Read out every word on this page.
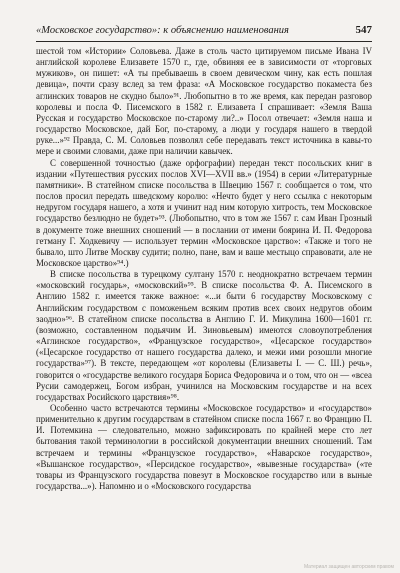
«Московское государство»: к объяснению наименования	547

шестой том «Истории» Соловьева. Даже в столь часто цитируемом письме Ивана IV английской королеве Елизавете 1570 г., где, обвиняя ее в зависимости от «торговых мужиков», он пишет: «А ты пребываешь в своем девическом чину, как есть пошлая девица», почти сразу вслед за тем фраза: «А Московское государство покаместа без аглинских товаров не скудно было»⁹¹. Любопытно в то же время, как передан разговор королевы и посла Ф. Писемского в 1582 г. Елизавета I спрашивает: «Земля Ваша Русская и государство Московское по-старому ли?..» Посол отвечает: «Земля наша и государство Московское, дай Бог, по-старому, а люди у государя нашего в твердой руке...»⁹² Правда, С. М. Соловьев позволял себе передавать текст источника в кавы-то мере и своими словами, даже при наличии кавычек.

С совершенной точностью (даже орфографии) передан текст посольских книг в издании «Путешествия русских послов XVI—XVII вв.» (1954) в серии «Литературные памятники». В статейном списке посольства в Швецию 1567 г. сообщается о том, что послов просил передать шведскому королю: «Нечто будет у него ссылка с некоторым недругом государя нашего, а хотя и учинит над ним которую хитрость, тем Московское государство безлюдно не будет»⁹³. (Любопытно, что в том же 1567 г. сам Иван Грозный в документе тоже внешних сношений — в послании от имени боярина И. П. Федорова гетману Г. Ходкевичу — использует термин «Московское царство»: «Также и того не бывало, што Литве Москву судити; полно, пане, вам и ваше местыцо справовати, але не Московское царство»⁹⁴.)

В списке посольства в турецкому султану 1570 г. неоднократно встречаем термин «московский государь», «московский»⁹⁵. В списке посольства Ф. А. Писемского в Англию 1582 г. имеется также важное: «...и быти 6 государству Московскому с Английским государством с поможеньем всяким против всех своих недругов обоим заодно»⁹⁶. В статейном списке посольства в Англию Г. И. Микулина 1600—1601 гг. (возможно, составленном подьячим И. Зиновьевым) имеются словоупотребления «Аглинское государство», «Французское государство», «Цесарское государство» («Цесарское государство от нашего государства далеко, и межи ими розошли многие государства»⁹⁷). В тексте, передающем «от королевы (Елизаветы I. — С. Ш.) речь», говорится о «государстве великого государя Бориса Федоровича и о том, что он — «всеа Русии самодержец, Богом избран, учинился на Московским государстве и на всех государствах Росийского царствия»⁹⁸.

Особенно часто встречаются термины «Московское государство» и «государство» применительно к другим государствам в статейном списке посла 1667 г. во Францию П. И. Потемкина — следовательно, можно зафиксировать по крайней мере сто лет бытования такой терминологии в российской документации внешних сношений. Там встречаем и термины «Французское государство», «Наварское государство», «Вышанское государство», «Персидское государство», «вывезные государства» («те товары из Французского государства повезут в Московское государство или в выные государства...»). Напомню и о «Московского государства

Материал защищен авторским правом
